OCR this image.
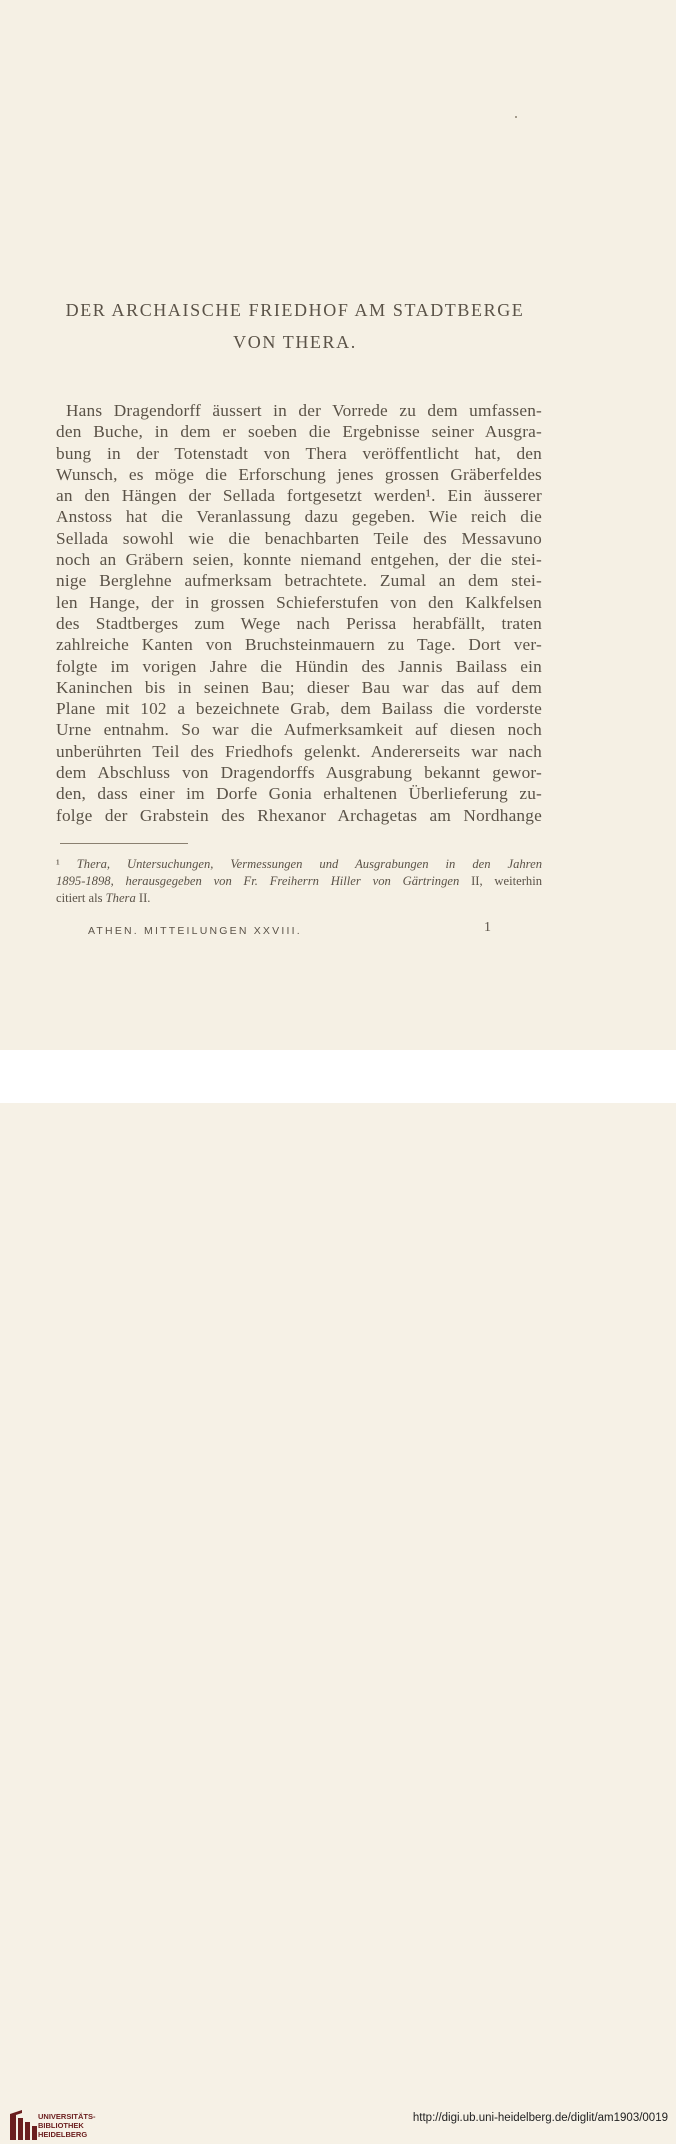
DER ARCHAISCHE FRIEDHOF AM STADTBERGE
VON THERA.
Hans Dragendorff äussert in der Vorrede zu dem umfassen-
den Buche, in dem er soeben die Ergebnisse seiner Ausgra-
bung in der Totenstadt von Thera veröffentlicht hat, den
Wunsch, es möge die Erforschung jenes grossen Gräberfeldes
an den Hängen der Sellada fortgesetzt werden¹. Ein äusserer
Anstoss hat die Veranlassung dazu gegeben. Wie reich die
Sellada sowohl wie die benachbarten Teile des Messavuno
noch an Gräbern seien, konnte niemand entgehen, der die stei-
nige Berglehne aufmerksam betrachtete. Zumal an dem stei-
len Hange, der in grossen Schieferstufen von den Kalkfelsen
des Stadtberges zum Wege nach Perissa herabfällt, traten
zahlreiche Kanten von Bruchsteinmauern zu Tage. Dort ver-
folgte im vorigen Jahre die Hündin des Jannis Bailass ein
Kaninchen bis in seinen Bau; dieser Bau war das auf dem
Plane mit 102 a bezeichnete Grab, dem Bailass die vorderste
Urne entnahm. So war die Aufmerksamkeit auf diesen noch
unberührten Teil des Friedhofs gelenkt. Andererseits war nach
dem Abschluss von Dragendorffs Ausgrabung bekannt gewor-
den, dass einer im Dorfe Gonia erhaltenen Überlieferung zu-
folge der Grabstein des Rhexanor Archagetas am Nordhange
¹ Thera, Untersuchungen, Vermessungen und Ausgrabungen in den Jahren
1895-1898, herausgegeben von Fr. Freiherrn Hiller von Gärtringen II, weiterhin
citiert als Thera II.
ATHEN. MITTEILUNGEN XXVIII.	1
UNIVERSITÄTS-
BIBLIOTHEK
HEIDELBERG
http://digi.ub.uni-heidelberg.de/diglit/am1903/0019
